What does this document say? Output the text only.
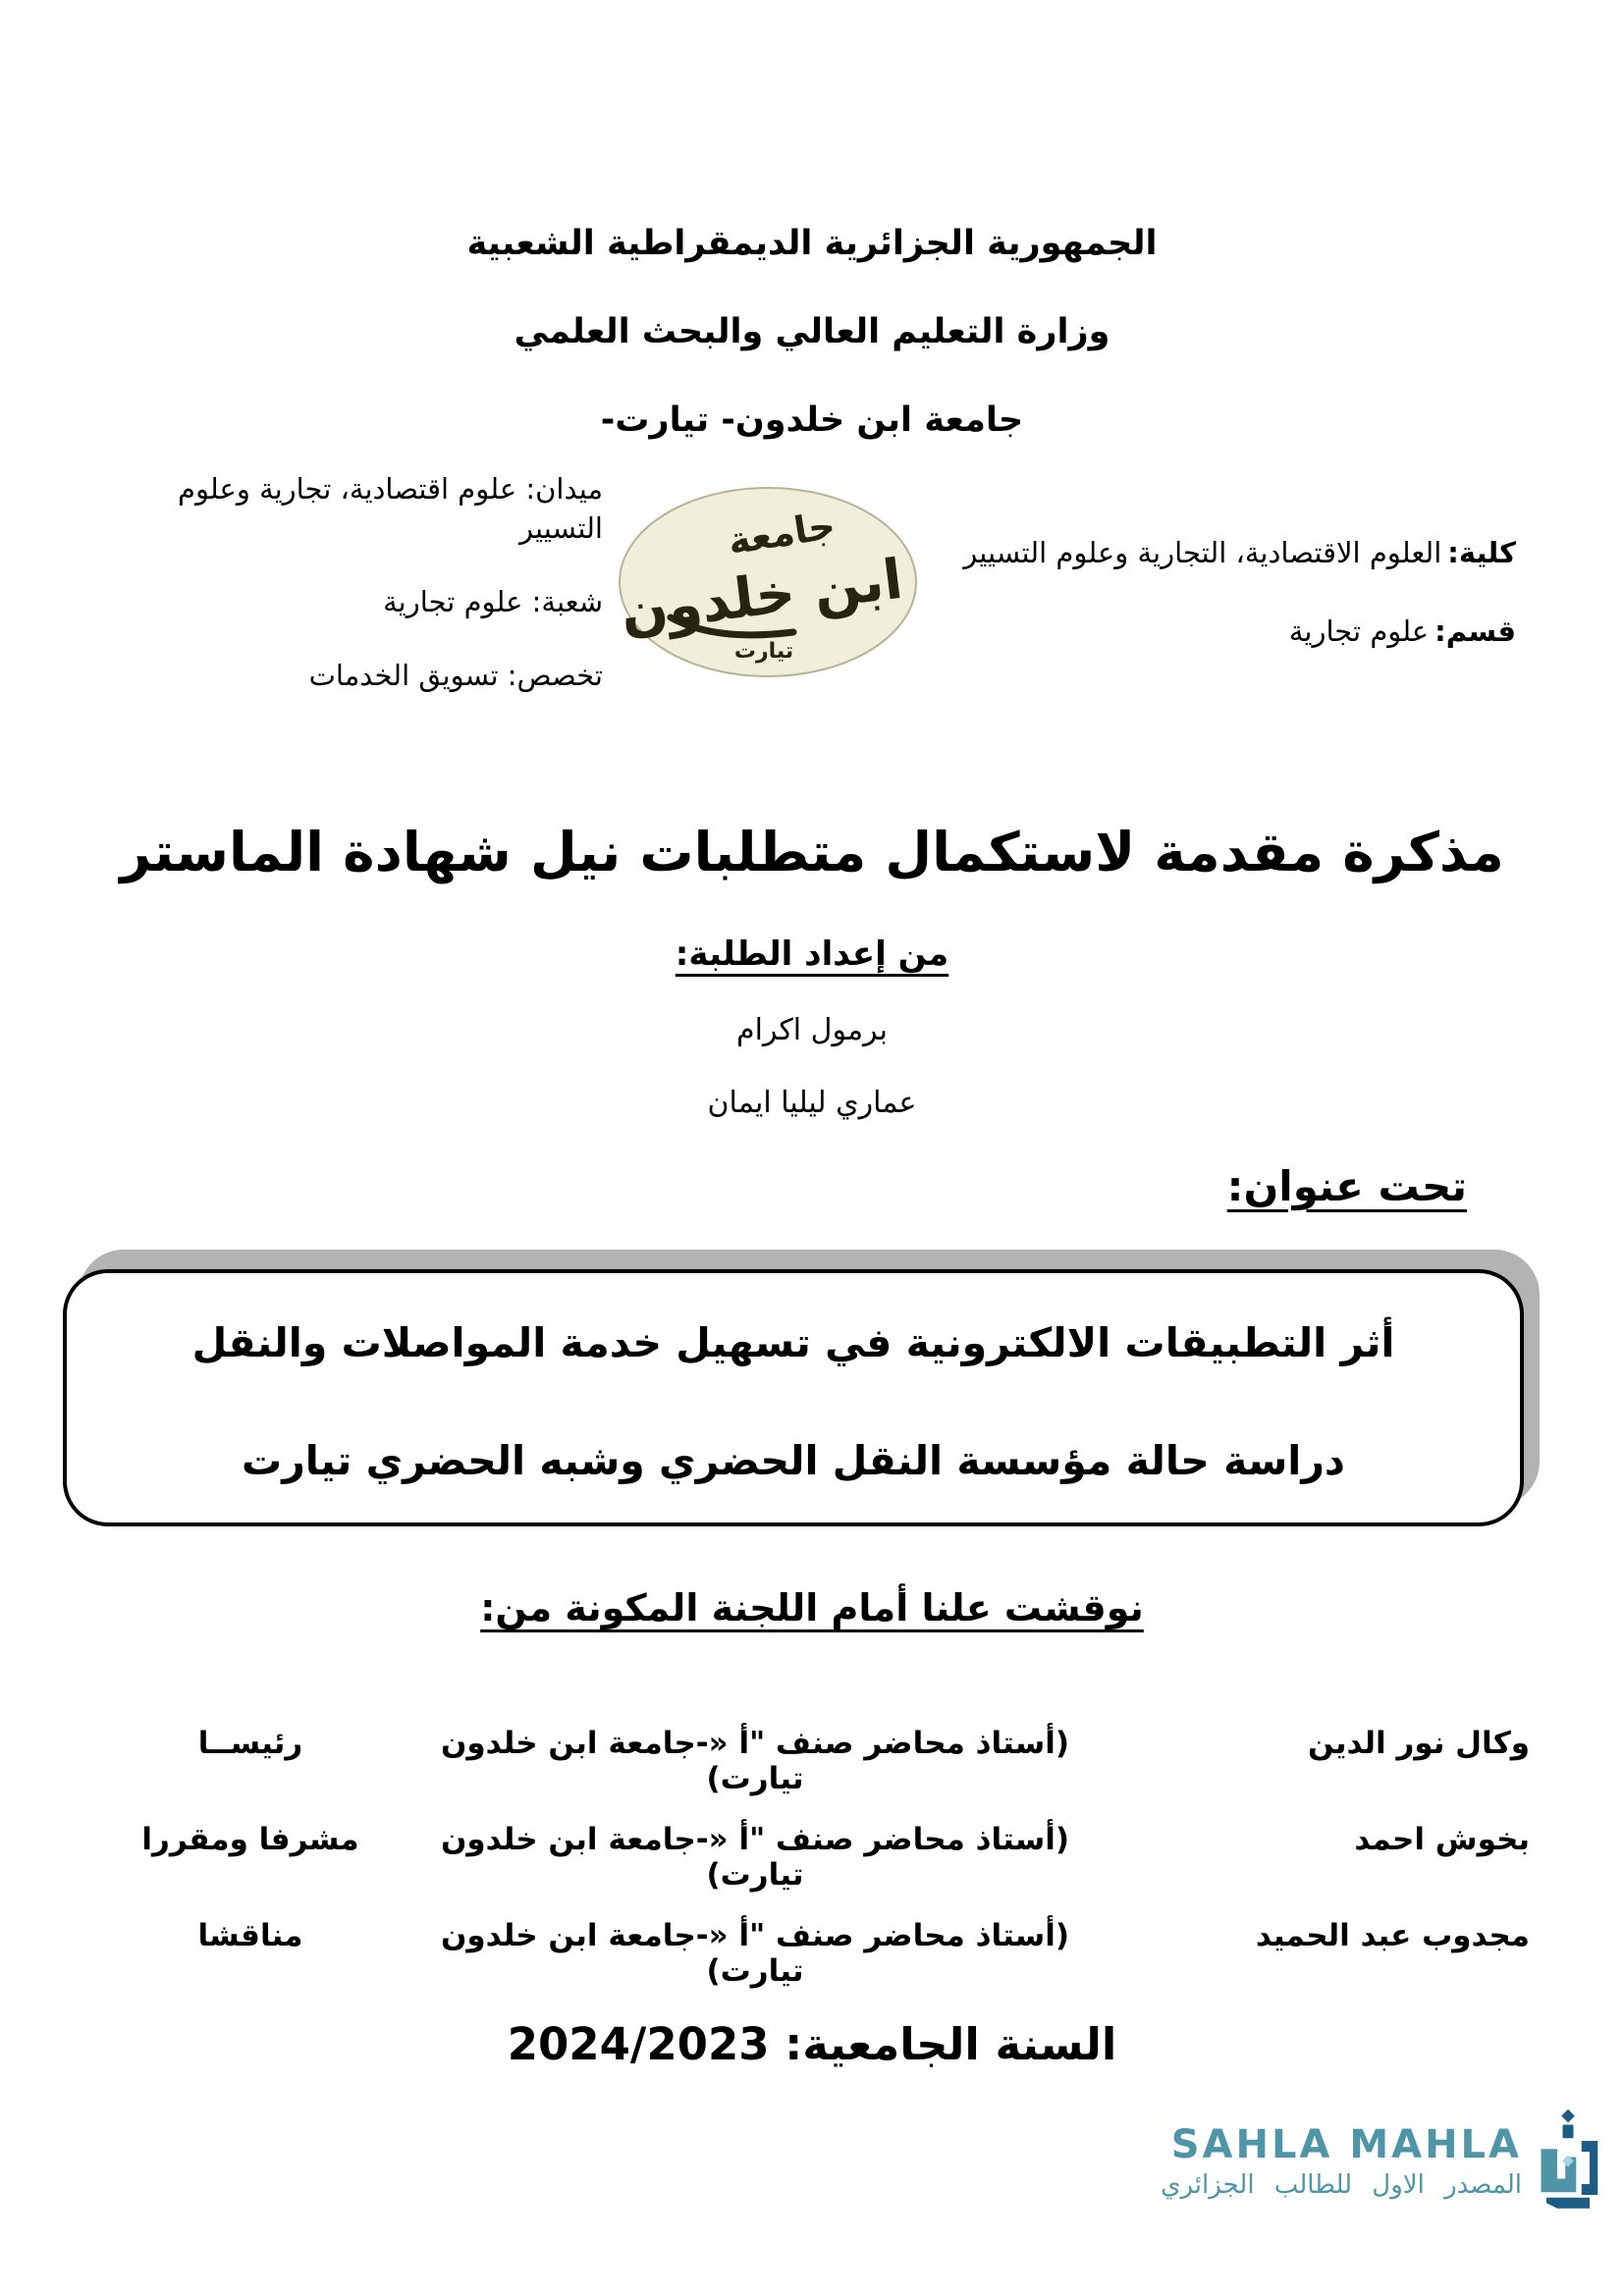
الجمهورية الجزائرية الديمقراطية الشعبية
وزارة التعليم العالي والبحث العلمي
جامعة ابن خلدون- تيارت-
كلية:العلوم الاقتصادية، التجارية وعلوم التسيير
قسم:علوم تجارية
ميدان: علوم اقتصادية، تجارية وعلوم التسيير
شعبة: علوم تجارية
تخصص: تسويق الخدمات
جامعة
ابن خلدون
تيارت
مذكرة مقدمة لاستكمال متطلبات نيل شهادة الماستر
من إعداد الطلبة:
برمول اكرام
عماري ليليا ايمان
تحت عنوان:
أثر التطبيقات الالكترونية في تسهيل خدمة المواصلات والنقل
دراسة حالة مؤسسة النقل الحضري وشبه الحضري تيارت
نوقشت علنا أمام اللجنة المكونة من:
وكال نور الدين
(أستاذ محاضر صنف "أ «-جامعة ابن خلدون تيارت)
رئيســا
بخوش احمد
(أستاذ محاضر صنف "أ «-جامعة ابن خلدون تيارت)
مشرفا ومقررا
مجدوب عبد الحميد
(أستاذ محاضر صنف "أ «-جامعة ابن خلدون تيارت)
مناقشا
السنة الجامعية: 2024/2023
SAHLA MAHLA
المصدر الاول للطالب الجزائري
